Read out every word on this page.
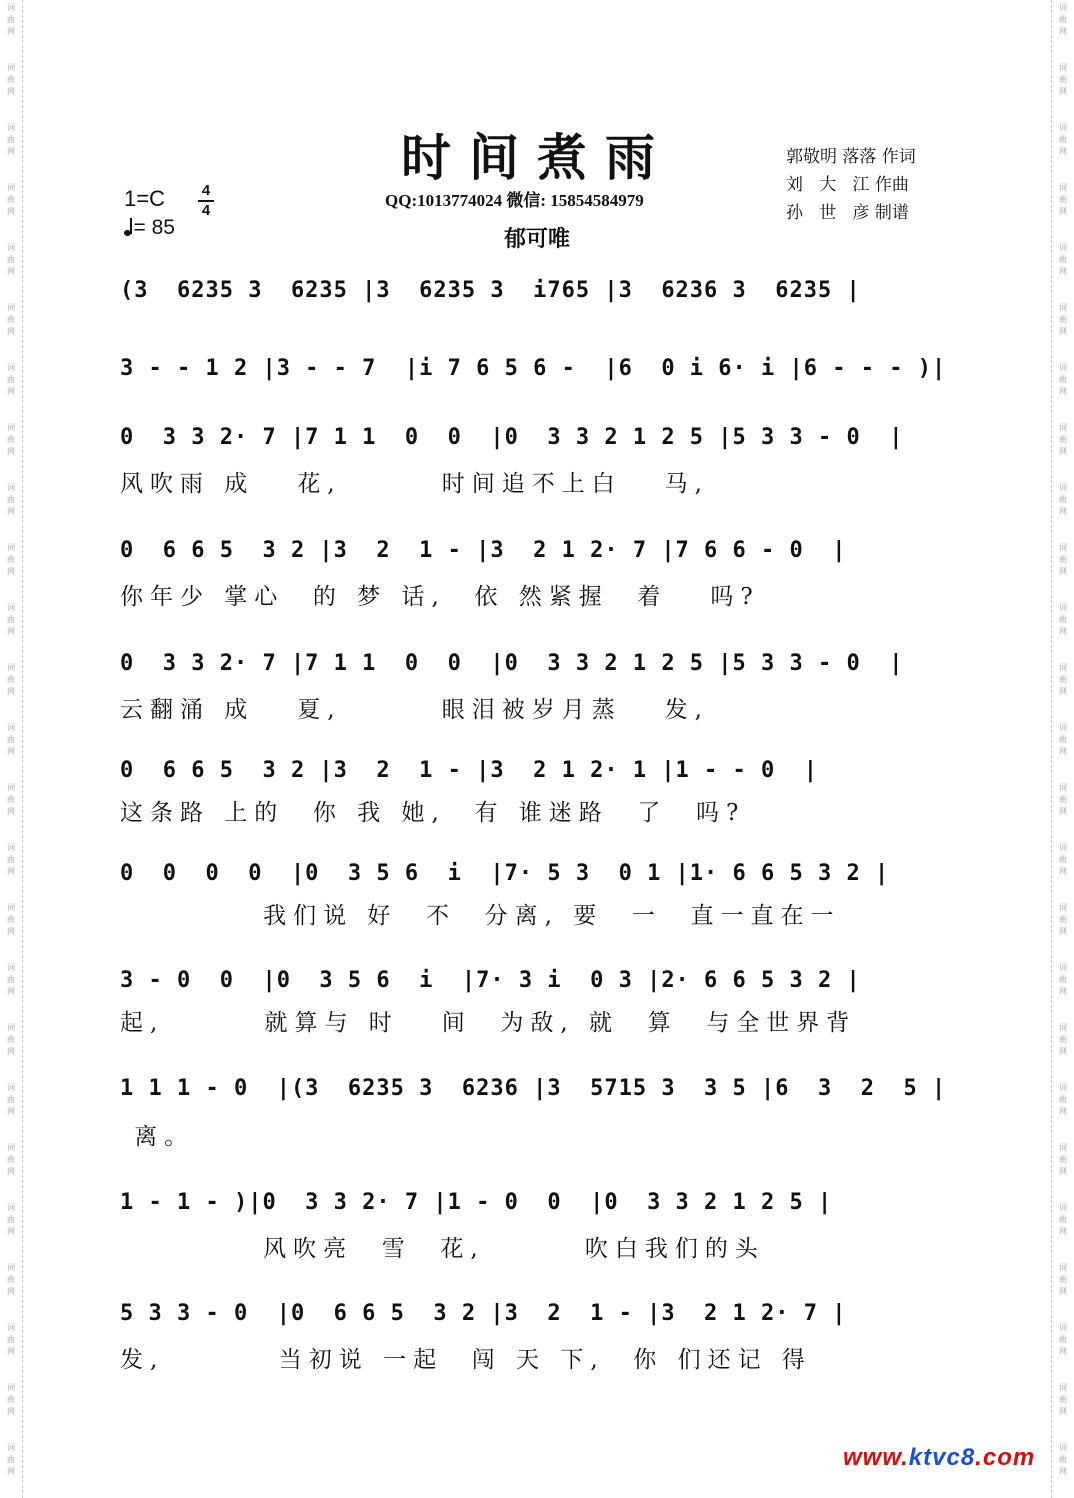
词
曲
网
词
曲
网
词
曲
网
词
曲
网
词
曲
网
词
曲
网
词
曲
网
词
曲
网
词
曲
网
词
曲
网
词
曲
网
词
曲
网
词
曲
网
词
曲
网
词
曲
网
词
曲
网
词
曲
网
词
曲
网
词
曲
网
词
曲
网
词
曲
网
词
曲
网
词
曲
网
词
曲
网
词
曲
网
词
曲
网
词
曲
网
词
曲
网
词
曲
网
词
曲
网
词
曲
网
词
曲
网
词
曲
网
词
曲
网
词
曲
网
词
曲
网
词
曲
网
词
曲
网
词
曲
网
词
曲
网
词
曲
网
词
曲
网
词
曲
网
词
曲
网
词
曲
网
词
曲
网
词
曲
网
词
曲
网
词
曲
网
词
曲
网
时间煮雨
QQ:1013774024 微信: 15854584979
郁可唯
郭敬明 落落 作词
刘   大   江 作曲
孙   世   彦 制谱
1=C 4
4
= 85
(3  6235 3  6235 |3  6235 3  i765 |3  6236 3  6235 |
3 - - 1 2 |3 - - 7  |i 7 6 5 6 -  |6  0 i 6· i |6 - - - )|
0  3 3 2· 7 |7 1 1  0  0  |0  3 3 2 1 2 5 |5 3 3 - 0  |
风吹雨 成   花,       时间追不上白   马,
0  6 6 5  3 2 |3  2  1 - |3  2 1 2· 7 |7 6 6 - 0  |
你年少 掌心  的 梦 话,  依 然紧握  着   吗?
0  3 3 2· 7 |7 1 1  0  0  |0  3 3 2 1 2 5 |5 3 3 - 0  |
云翻涌 成   夏,       眼泪被岁月蒸   发,
0  6 6 5  3 2 |3  2  1 - |3  2 1 2· 1 |1 - - 0  |
这条路 上的  你 我 她,  有 谁迷路  了  吗?
0  0  0  0  |0  3 5 6  i  |7· 5 3  0 1 |1· 6 6 5 3 2 |
我们说 好  不  分离, 要  一  直一直在一
3 - 0  0  |0  3 5 6  i  |7· 3 i  0 3 |2· 6 6 5 3 2 |
起,       就算与 时   间  为敌, 就  算  与全世界背
1 1 1 - 0  |(3  6235 3  6236 |3  5715 3  3 5 |6  3  2  5 |
离。
1 - 1 - )|0  3 3 2· 7 |1 - 0  0  |0  3 3 2 1 2 5 |
风吹亮  雪  花,       吹白我们的头
5 3 3 - 0  |0  6 6 5  3 2 |3  2  1 - |3  2 1 2· 7 |
发,        当初说 一起  闯 天 下,  你 们还记 得
www.ktvc8.com
